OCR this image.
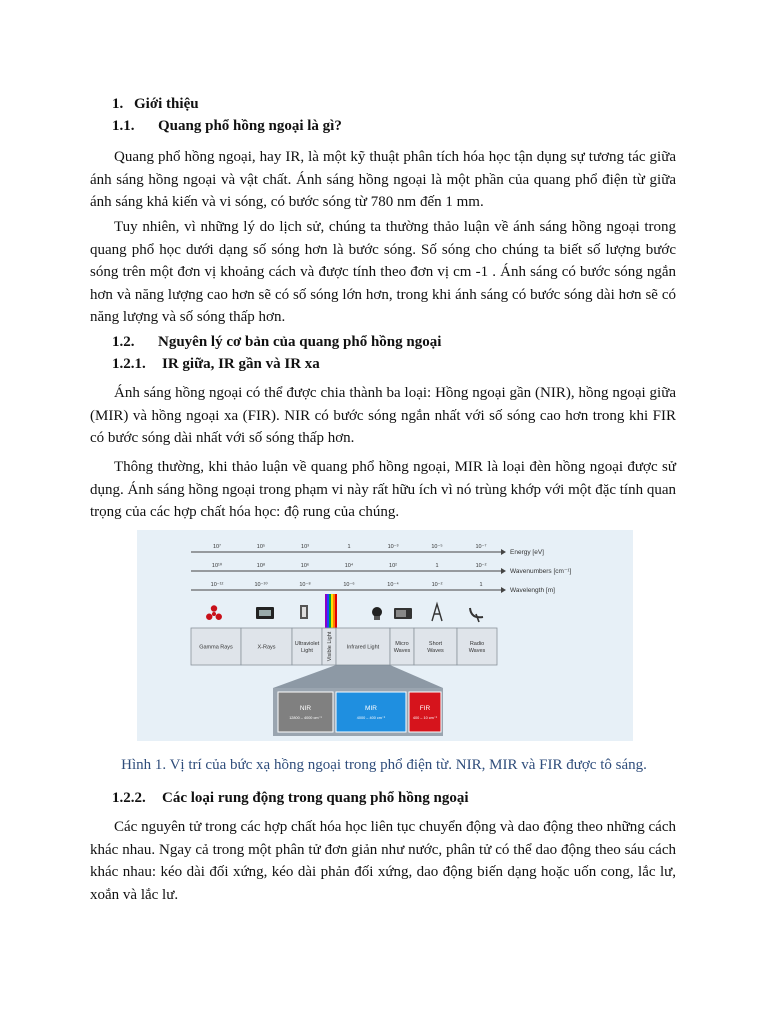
1. Giới thiệu
1.1. Quang phổ hồng ngoại là gì?

Quang phổ hồng ngoại, hay IR, là một kỹ thuật phân tích hóa học tận dụng sự tương tác giữa ánh sáng hồng ngoại và vật chất. Ánh sáng hồng ngoại là một phần của quang phổ điện từ giữa ánh sáng khả kiến và vi sóng, có bước sóng từ 780 nm đến 1 mm.

Tuy nhiên, vì những lý do lịch sử, chúng ta thường thảo luận về ánh sáng hồng ngoại trong quang phổ học dưới dạng số sóng hơn là bước sóng. Số sóng cho chúng ta biết số lượng bước sóng trên một đơn vị khoảng cách và được tính theo đơn vị cm -1 . Ánh sáng có bước sóng ngắn hơn và năng lượng cao hơn sẽ có số sóng lớn hơn, trong khi ánh sáng có bước sóng dài hơn sẽ có năng lượng và số sóng thấp hơn.

1.2. Nguyên lý cơ bản của quang phổ hồng ngoại
1.2.1. IR giữa, IR gần và IR xa

Ánh sáng hồng ngoại có thể được chia thành ba loại: Hồng ngoại gần (NIR), hồng ngoại giữa (MIR) và hồng ngoại xa (FIR). NIR có bước sóng ngắn nhất với số sóng cao hơn trong khi FIR có bước sóng dài nhất với số sóng thấp hơn.

Thông thường, khi thảo luận về quang phổ hồng ngoại, MIR là loại đèn hồng ngoại được sử dụng. Ánh sáng hồng ngoại trong phạm vi này rất hữu ích vì nó trùng khớp với một đặc tính quan trọng của các hợp chất hóa học: độ rung của chúng.

10⁷	10⁵	10³	1	10⁻³	10⁻⁵	10⁻⁷
Energy [eV]
10¹⁰	10⁸	10⁶	10⁴	10²	1	10⁻²
Wavenumbers [cm⁻¹]
10⁻¹²	10⁻¹⁰	10⁻⁸	10⁻⁶	10⁻⁴	10⁻²	1
Wavelength [m]
Gamma Rays	X-Rays
Ultraviolet
Light	Visible Light	Infrared Light
Micro
Waves
Short
Waves
Radio
Waves
NIR
12800 – 4000 cm⁻¹
MIR
4000 – 400 cm⁻¹
FIR
400 – 10 cm⁻¹
Hình 1. Vị trí của bức xạ hồng ngoại trong phổ điện từ. NIR, MIR và FIR được tô sáng.
1.2.2. Các loại rung động trong quang phổ hồng ngoại

Các nguyên tử trong các hợp chất hóa học liên tục chuyển động và dao động theo những cách khác nhau. Ngay cả trong một phân tử đơn giản như nước, phân tử có thể dao động theo sáu cách khác nhau: kéo dài đối xứng, kéo dài phản đối xứng, dao động biến dạng hoặc uốn cong, lắc lư, xoắn và lắc lư.
